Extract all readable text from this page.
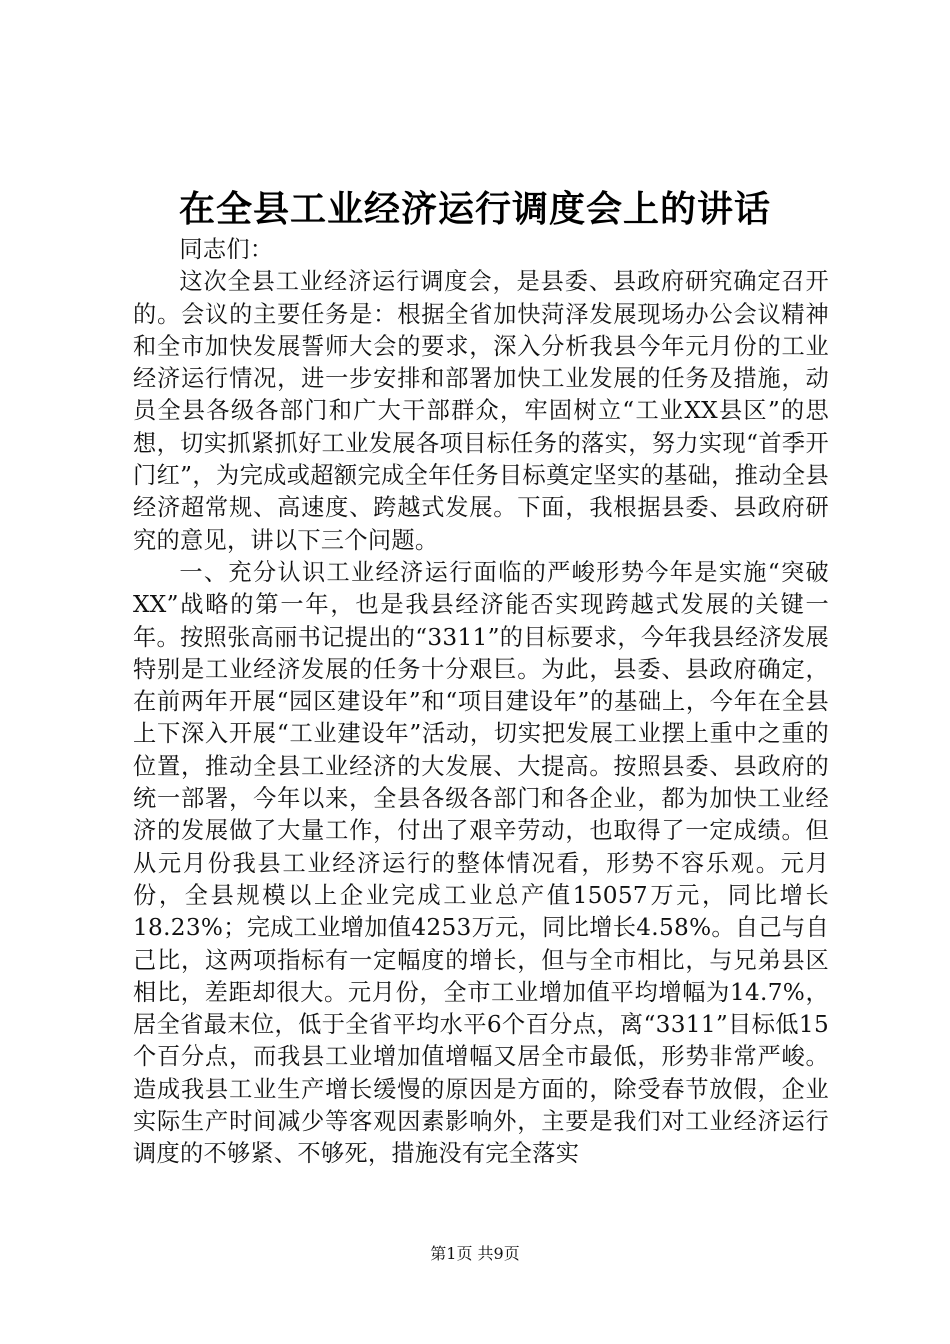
在全县工业经济运行调度会上的讲话

同志们：

这次全县工业经济运行调度会，是县委、县政府研究确定召开的。会议的主要任务是：根据全省加快菏泽发展现场办公会议精神和全市加快发展誓师大会的要求，深入分析我县今年元月份的工业经济运行情况，进一步安排和部署加快工业发展的任务及措施，动员全县各级各部门和广大干部群众，牢固树立“工业XX县区”的思想，切实抓紧抓好工业发展各项目标任务的落实，努力实现“首季开门红”，为完成或超额完成全年任务目标奠定坚实的基础，推动全县经济超常规、高速度、跨越式发展。下面，我根据县委、县政府研究的意见，讲以下三个问题。

一、充分认识工业经济运行面临的严峻形势今年是实施“突破XX”战略的第一年，也是我县经济能否实现跨越式发展的关键一年。按照张高丽书记提出的“3311”的目标要求，今年我县经济发展特别是工业经济发展的任务十分艰巨。为此，县委、县政府确定，在前两年开展“园区建设年”和“项目建设年”的基础上，今年在全县上下深入开展“工业建设年”活动，切实把发展工业摆上重中之重的位置，推动全县工业经济的大发展、大提高。按照县委、县政府的统一部署，今年以来，全县各级各部门和各企业，都为加快工业经济的发展做了大量工作，付出了艰辛劳动，也取得了一定成绩。但从元月份我县工业经济运行的整体情况看，形势不容乐观。元月份，全县规模以上企业完成工业总产值15057万元，同比增长18.23%；完成工业增加值4253万元，同比增长4.58%。自己与自己比，这两项指标有一定幅度的增长，但与全市相比，与兄弟县区相比，差距却很大。元月份，全市工业增加值平均增幅为14.7%，居全省最末位，低于全省平均水平6个百分点，离“3311”目标低15个百分点，而我县工业增加值增幅又居全市最低，形势非常严峻。造成我县工业生产增长缓慢的原因是方面的，除受春节放假，企业实际生产时间减少等客观因素影响外，主要是我们对工业经济运行调度的不够紧、不够死，措施没有完全落实

第1页 共9页
